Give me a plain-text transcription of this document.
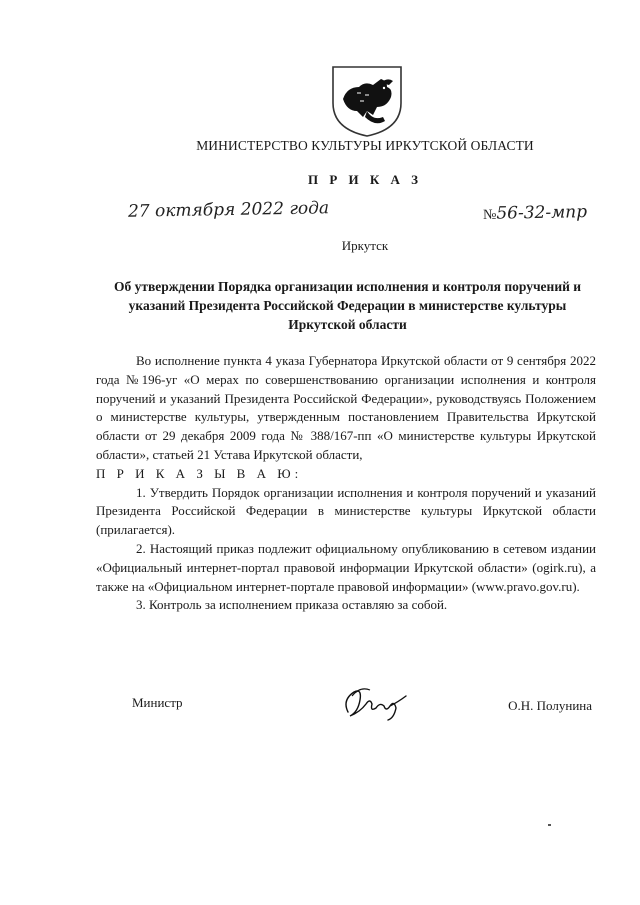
МИНИСТЕРСТВО КУЛЬТУРЫ ИРКУТСКОЙ ОБЛАСТИ
П Р И К А З
27 октября 2022 года	№56-32-мпр
Иркутск
Об утверждении Порядка организации исполнения и контроля поручений и указаний Президента Российской Федерации в министерстве культуры Иркутской области

Во исполнение пункта 4 указа Губернатора Иркутской области от 9 сентября 2022 года №196-уг «О мерах по совершенствованию организации исполнения и контроля поручений и указаний Президента Российской Федерации», руководствуясь Положением о министерстве культуры, утвержденным постановлением Правительства Иркутской области от 29 декабря 2009 года № 388/167-пп «О министерстве культуры Иркутской области», статьей 21 Устава Иркутской области,

П Р И К А З Ы В А Ю:

1. Утвердить Порядок организации исполнения и контроля поручений и указаний Президента Российской Федерации в министерстве культуры Иркутской области (прилагается).

2. Настоящий приказ подлежит официальному опубликованию в сетевом издании «Официальный интернет-портал правовой информации Иркутской области» (ogirk.ru), а также на «Официальном интернет-портале правовой информации» (www.pravo.gov.ru).

3. Контроль за исполнением приказа оставляю за собой.

Министр	О.Н. Полунина
